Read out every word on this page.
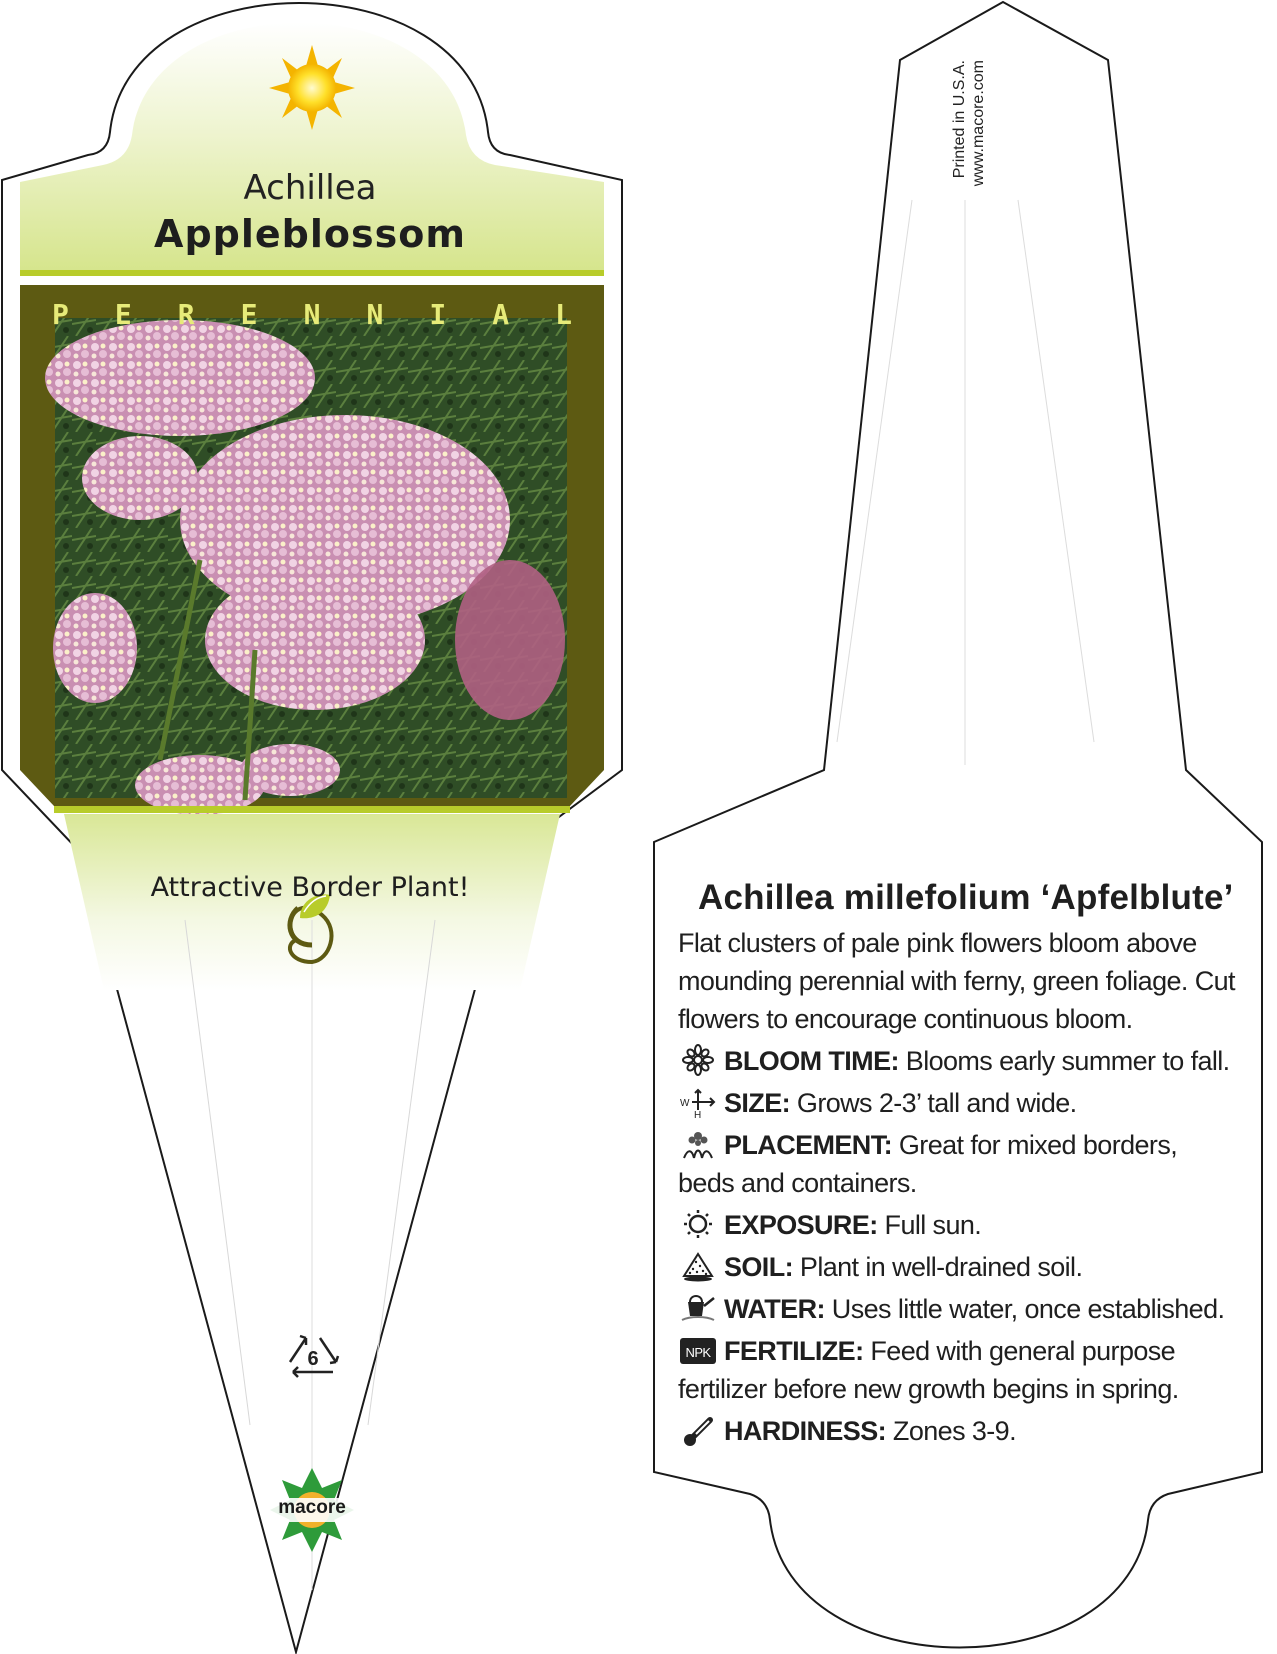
Achillea
Appleblossom
P E R E N N I A L
Attractive Border Plant!
6
macore
Printed in U.S.A. www.macore.com
Achillea millefolium ‘Apfelblute’
Flat clusters of pale pink flowers bloom above mounding perennial with ferny, green foliage. Cut flowers to encourage continuous bloom.
BLOOM TIME: Blooms early summer to fall.
W
H SIZE: Grows 2-3’ tall and wide.
PLACEMENT: Great for mixed borders, beds and containers.
EXPOSURE: Full sun.
SOIL: Plant in well-drained soil.
WATER: Uses little water, once established.
NPK FERTILIZE: Feed with general purpose fertilizer before new growth begins in spring.
HARDINESS: Zones 3-9.
